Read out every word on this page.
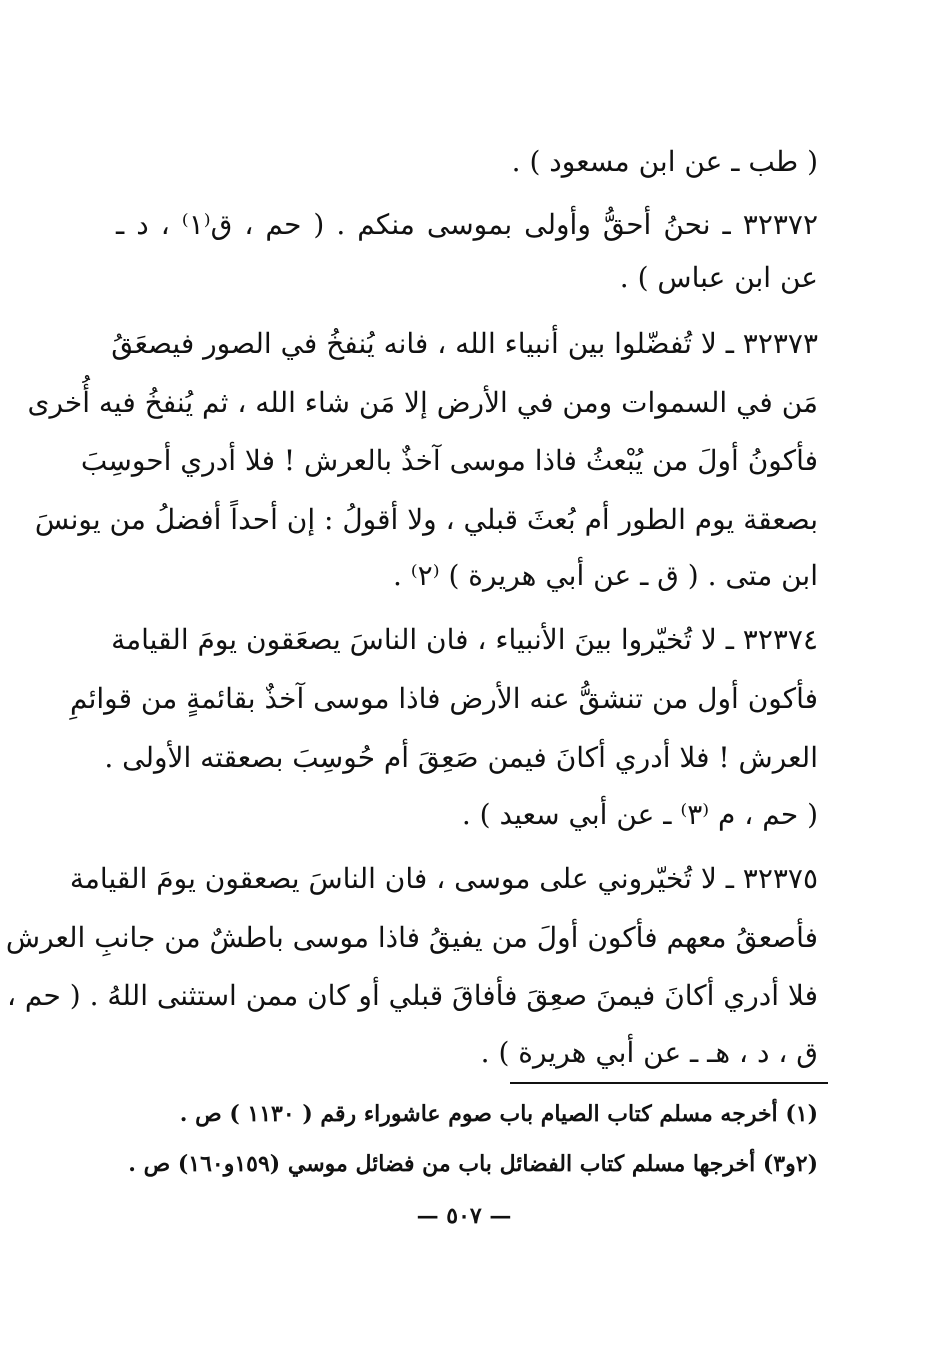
( طب ـ عن ابن مسعود ) .
٣٢٣٧٢ ـ نحنُ أحقُّ وأولى بموسى منكم . ( حم ، ق⁽١⁾ ، د ـ
عن ابن عباس ) .
٣٢٣٧٣ ـ لا تُفضّلوا بين أنبياء الله ، فانه يُنفخُ في الصور فيصعَقُ
مَن في السموات ومن في الأرض إلا مَن شاء الله ، ثم يُنفخُ فيه أُخرى
فأكونُ أولَ من يُبْعثُ فاذا موسى آخذٌ بالعرش ! فلا أدري أحوسِبَ
بصعقة يوم الطور أم بُعثَ قبلي ، ولا أقولُ : إن أحداً أفضلُ من يونسَ
ابن متى . ( ق ـ عن أبي هريرة ) ⁽٢⁾ .
٣٢٣٧٤ ـ لا تُخيّروا بينَ الأنبياء ، فان الناسَ يصعَقون يومَ القيامة
فأكون أول من تنشقُّ عنه الأرض فاذا موسى آخذٌ بقائمةٍ من قوائمِ
العرش ! فلا أدري أكانَ فيمن صَعِقَ أم حُوسِبَ بصعقته الأولى .
( حم ، م ⁽٣⁾ ـ عن أبي سعيد ) .
٣٢٣٧٥ ـ لا تُخيّروني على موسى ، فان الناسَ يصعقون يومَ القيامة
فأصعقُ معهم فأكون أولَ من يفيقُ فاذا موسى باطشٌ من جانبِ العرش
فلا أدري أكانَ فيمنَ صعِقَ فأفاقَ قبلي أو كان ممن استثنى اللهُ . ( حم ،
ق ، د ، هـ ـ عن أبي هريرة ) .
(١) أخرجه مسلم كتاب الصيام باب صوم عاشوراء رقم ( ١١٣٠ ) ص .
(٢و٣) أخرجها مسلم كتاب الفضائل باب من فضائل موسي (١٥٩و١٦٠) ص .
— ٥٠٧ —
